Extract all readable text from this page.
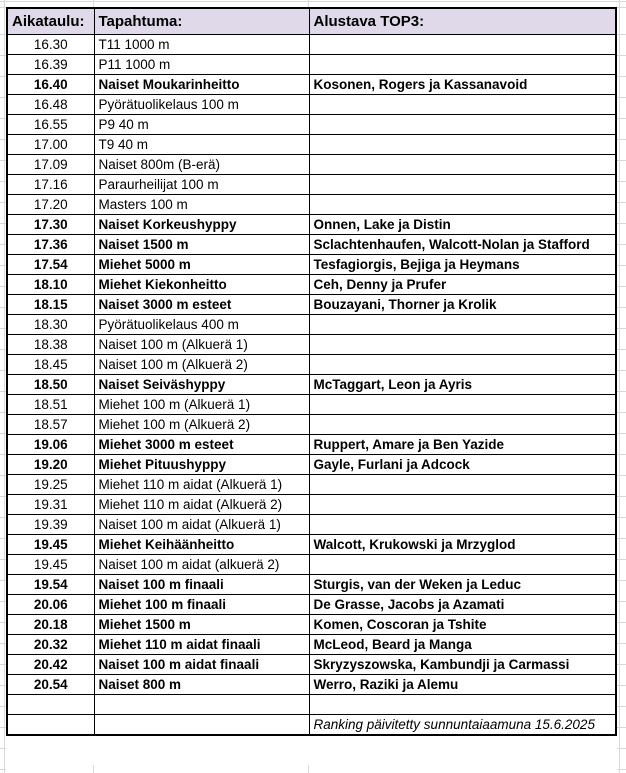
Aikataulu:	Tapahtuma:	Alustava TOP3:
16.30	T11 1000 m	
16.39	P11 1000 m	
16.40	Naiset Moukarinheitto	Kosonen, Rogers ja Kassanavoid
16.48	Pyörätuolikelaus 100 m	
16.55	P9 40 m	
17.00	T9 40 m	
17.09	Naiset 800m (B-erä)	
17.16	Paraurheilijat 100 m	
17.20	Masters 100 m	
17.30	Naiset Korkeushyppy	Onnen, Lake ja Distin
17.36	Naiset 1500 m	Sclachtenhaufen, Walcott-Nolan ja Stafford
17.54	Miehet 5000 m	Tesfagiorgis, Bejiga ja Heymans
18.10	Miehet Kiekonheitto	Ceh, Denny ja Prufer
18.15	Naiset 3000 m esteet	Bouzayani, Thorner ja Krolik
18.30	Pyörätuolikelaus 400 m	
18.38	Naiset 100 m (Alkuerä 1)	
18.45	Naiset 100 m (Alkuerä 2)	
18.50	Naiset Seiväshyppy	McTaggart, Leon ja Ayris
18.51	Miehet 100 m (Alkuerä 1)	
18.57	Miehet 100 m (Alkuerä 2)	
19.06	Miehet 3000 m esteet	Ruppert, Amare ja Ben Yazide
19.20	Miehet Pituushyppy	Gayle, Furlani ja Adcock
19.25	Miehet 110 m aidat (Alkuerä 1)	
19.31	Miehet 110 m aidat (Alkuerä 2)	
19.39	Naiset 100 m aidat (Alkuerä 1)	
19.45	Miehet Keihäänheitto	Walcott, Krukowski ja Mrzyglod
19.45	Naiset 100 m aidat (alkuerä 2)	
19.54	Naiset 100 m finaali	Sturgis, van der Weken ja Leduc
20.06	Miehet 100 m finaali	De Grasse, Jacobs ja Azamati
20.18	Miehet 1500 m	Komen, Coscoran ja Tshite
20.32	Miehet 110 m aidat finaali	McLeod, Beard ja Manga
20.42	Naiset 100 m aidat finaali	Skryzyszowska, Kambundji ja Carmassi
20.54	Naiset 800 m	Werro, Raziki ja Alemu

		Ranking päivitetty sunnuntaiaamuna 15.6.2025
